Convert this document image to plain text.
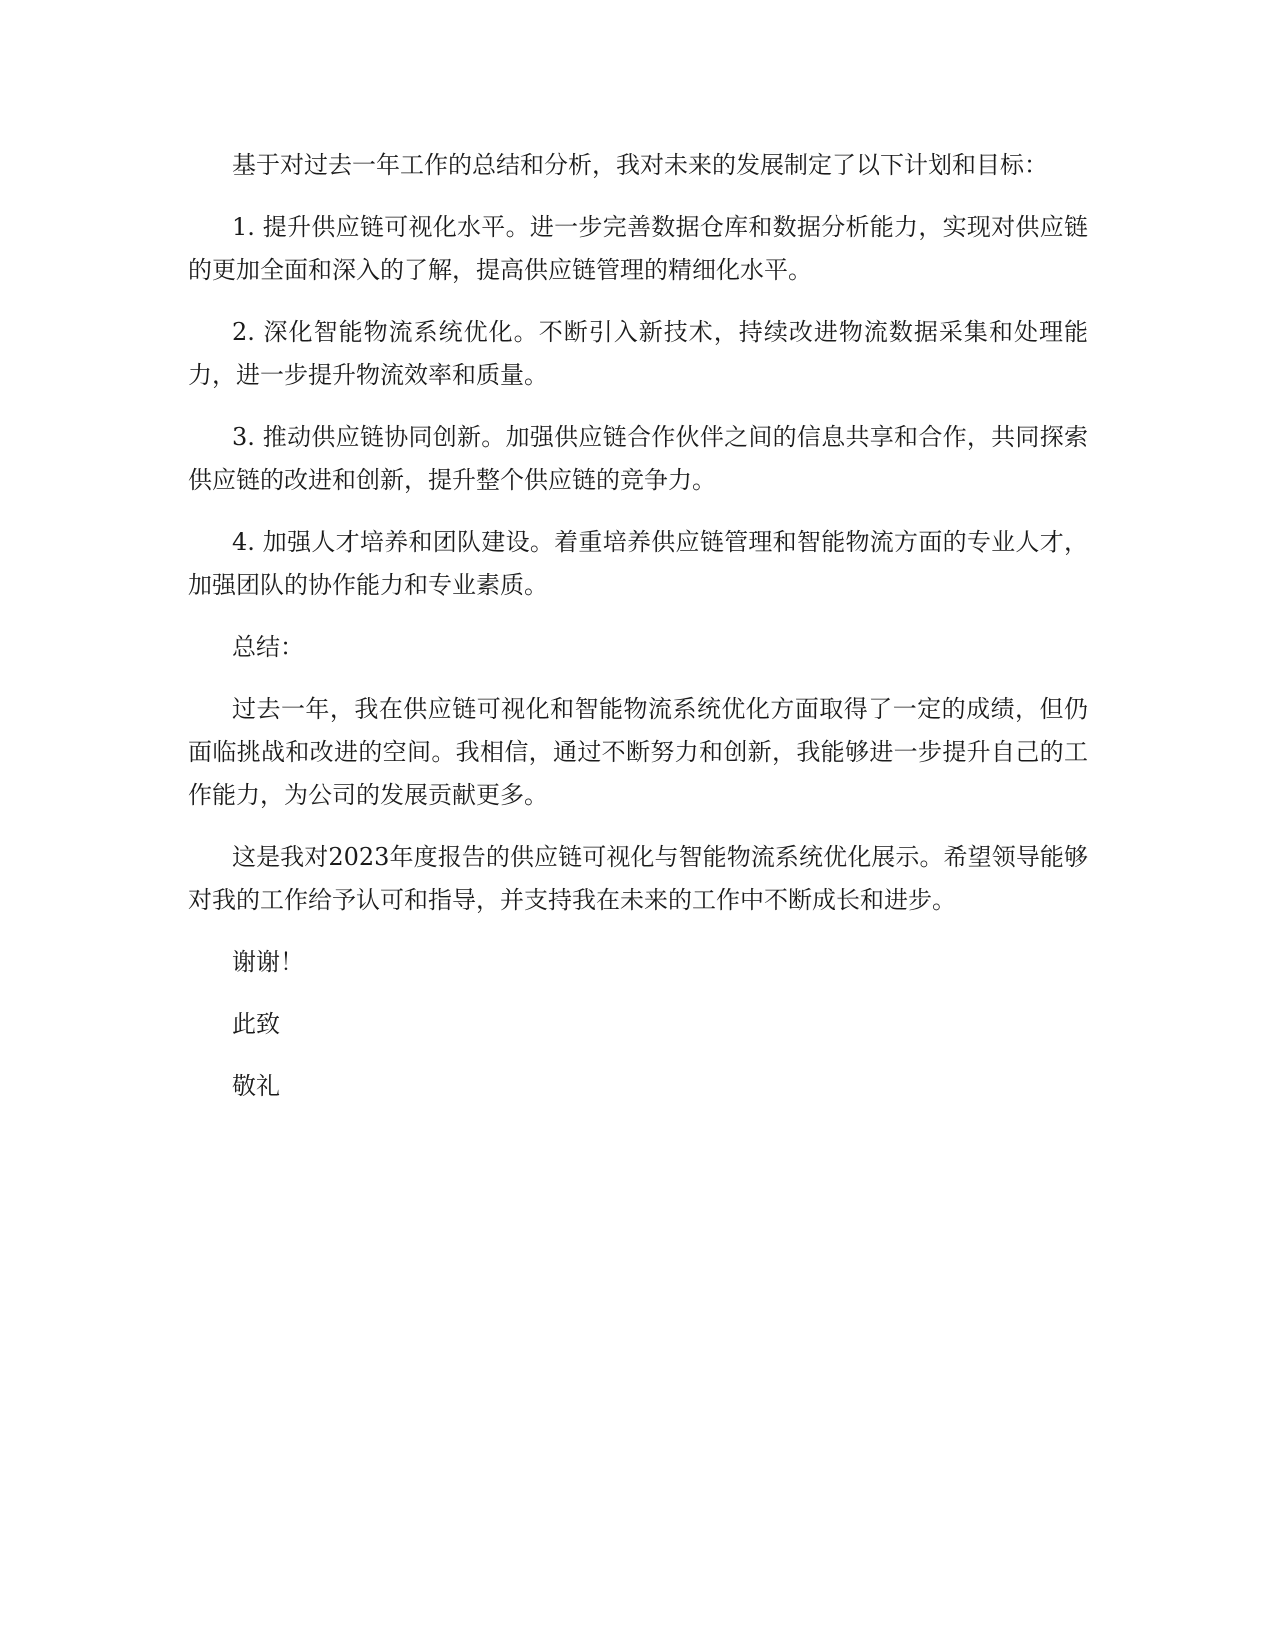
基于对过去一年工作的总结和分析，我对未来的发展制定了以下计划和目标：

1. 提升供应链可视化水平。进一步完善数据仓库和数据分析能力，实现对供应链的更加全面和深入的了解，提高供应链管理的精细化水平。

2. 深化智能物流系统优化。不断引入新技术，持续改进物流数据采集和处理能力，进一步提升物流效率和质量。

3. 推动供应链协同创新。加强供应链合作伙伴之间的信息共享和合作，共同探索供应链的改进和创新，提升整个供应链的竞争力。

4. 加强人才培养和团队建设。着重培养供应链管理和智能物流方面的专业人才，加强团队的协作能力和专业素质。

总结：

过去一年，我在供应链可视化和智能物流系统优化方面取得了一定的成绩，但仍面临挑战和改进的空间。我相信，通过不断努力和创新，我能够进一步提升自己的工作能力，为公司的发展贡献更多。

这是我对2023年度报告的供应链可视化与智能物流系统优化展示。希望领导能够对我的工作给予认可和指导，并支持我在未来的工作中不断成长和进步。

谢谢！

此致

敬礼
